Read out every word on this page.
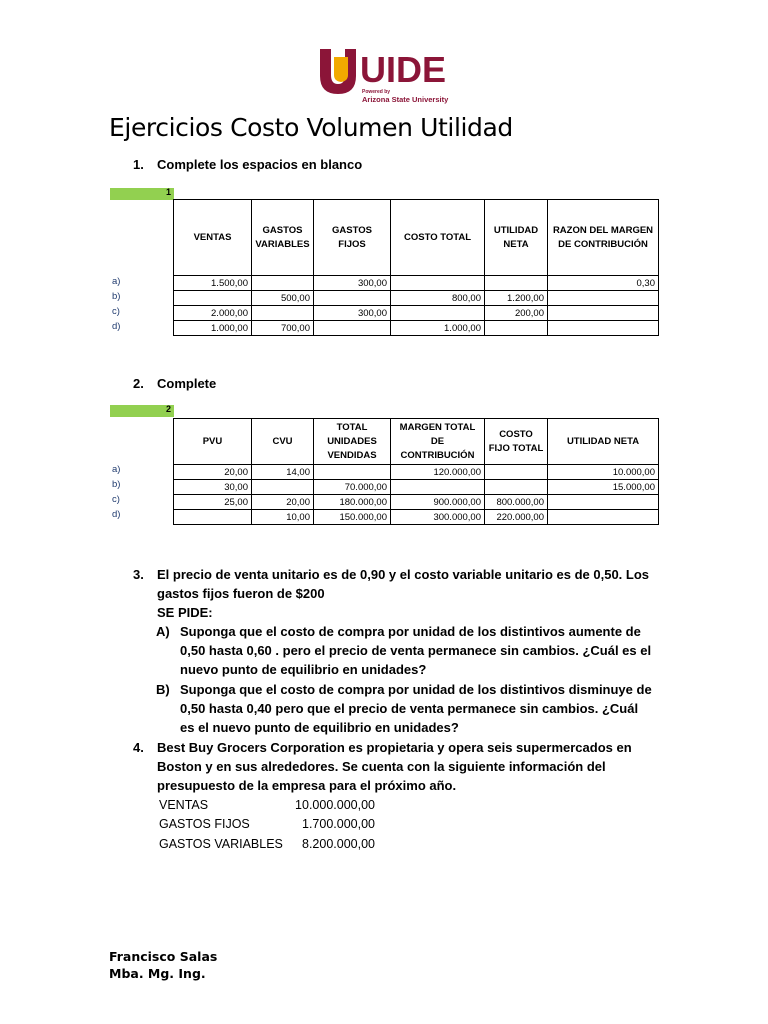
UIDE
Powered by
Arizona State University
Ejercicios Costo Volumen Utilidad
1. Complete los espacios en blanco
1
VENTAS	GASTOS VARIABLES	GASTOS FIJOS	COSTO TOTAL	UTILIDAD NETA	RAZON DEL MARGEN DE CONTRIBUCIÓN
1.500,00		300,00			0,30
	500,00		800,00	1.200,00	
2.000,00		300,00		200,00	
1.000,00	700,00		1.000,00		
a)
b)
c)
d)
2. Complete
2
PVU	CVU	TOTAL UNIDADES VENDIDAS	MARGEN TOTAL DE CONTRIBUCIÓN	COSTO FIJO TOTAL	UTILIDAD NETA
20,00	14,00		120.000,00		10.000,00
30,00		70.000,00			15.000,00
25,00	20,00	180.000,00	900.000,00	800.000,00	
	10,00	150.000,00	300.000,00	220.000,00	
a)
b)
c)
d)
3. El precio de venta unitario es de 0,90 y el costo variable unitario es de 0,50. Los
gastos fijos fueron de $200
SE PIDE:
A) Suponga que el costo de compra por unidad de los distintivos aumente de
0,50 hasta 0,60 . pero el precio de venta permanece sin cambios. ¿Cuál es el
nuevo punto de equilibrio en unidades?
B) Suponga que el costo de compra por unidad de los distintivos disminuye de
0,50 hasta 0,40 pero que el precio de venta permanece sin cambios. ¿Cuál
es el nuevo punto de equilibrio en unidades?
4. Best Buy Grocers Corporation es propietaria y opera seis supermercados en
Boston y en sus alrededores. Se cuenta con la siguiente información del
presupuesto de la empresa para el próximo año.
VENTAS	10.000.000,00
GASTOS FIJOS	1.700.000,00
GASTOS VARIABLES	8.200.000,00
Francisco Salas
Mba. Mg. Ing.
